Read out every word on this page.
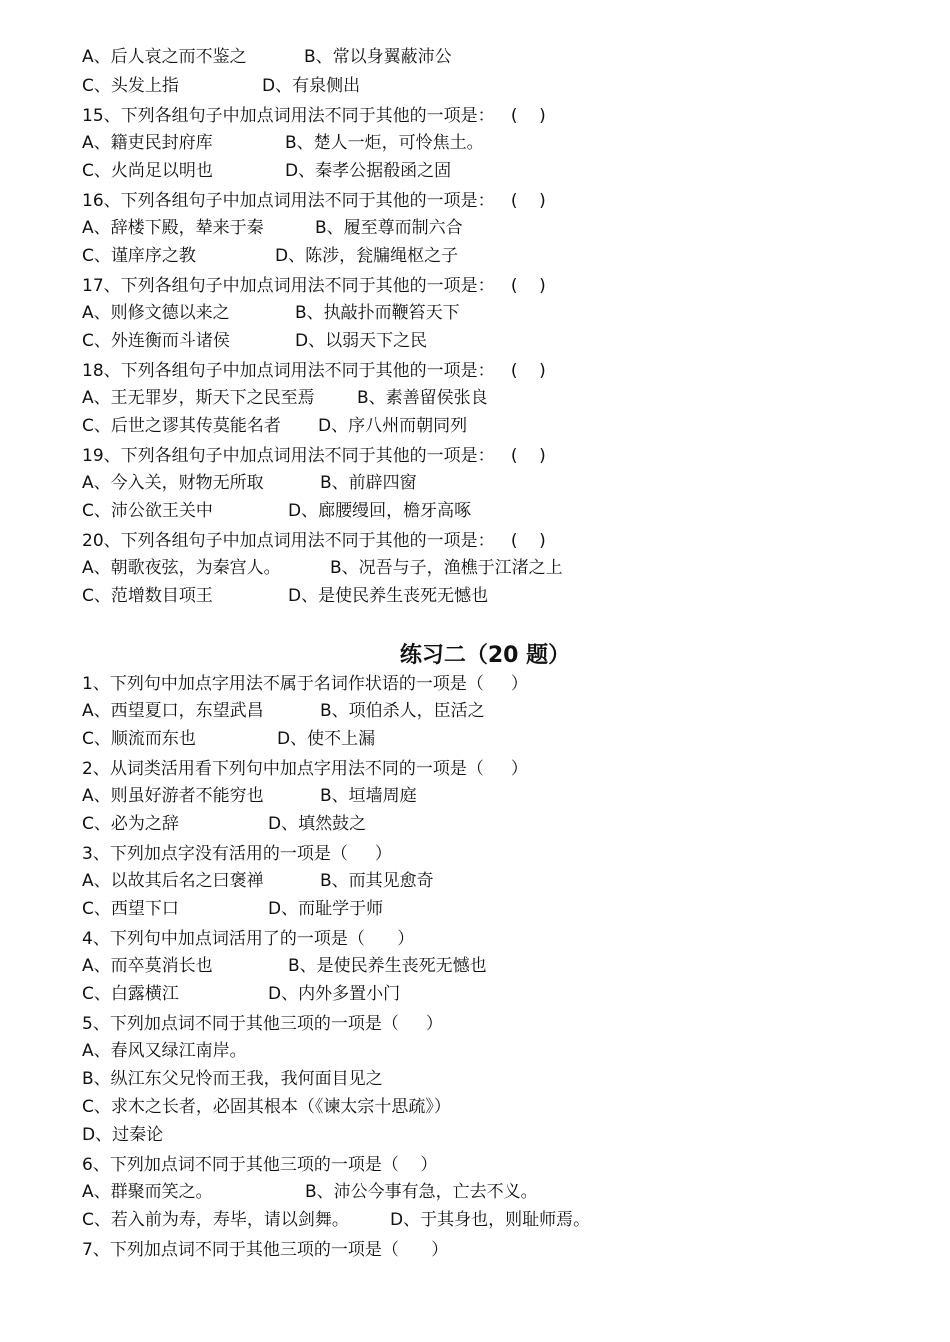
练习二（20 题）
A、后人哀之而不鉴之	B、常以身翼蔽沛公
C、头发上指	D、有泉侧出
15、下列各组句子中加点词用法不同于其他的一项是：   (    )
A、籍吏民封府库	B、楚人一炬，可怜焦土。
C、火尚足以明也	D、秦孝公据殽函之固
16、下列各组句子中加点词用法不同于其他的一项是：   (    )
A、辞楼下殿，辇来于秦	B、履至尊而制六合
C、谨庠序之教	D、陈涉，瓮牖绳枢之子
17、下列各组句子中加点词用法不同于其他的一项是：   (    )
A、则修文德以来之	B、执敲扑而鞭笞天下
C、外连衡而斗诸侯	D、以弱天下之民
18、下列各组句子中加点词用法不同于其他的一项是：   (    )
A、王无罪岁，斯天下之民至焉 B、素善留侯张良
C、后世之谬其传莫能名者 D、序八州而朝同列
19、下列各组句子中加点词用法不同于其他的一项是：   (    )
A、今入关，财物无所取	B、前辟四窗
C、沛公欲王关中	D、廊腰缦回，檐牙高啄
20、下列各组句子中加点词用法不同于其他的一项是：   (    )
A、朝歌夜弦，为秦宫人。	B、况吾与子，渔樵于江渚之上
C、范增数目项王	D、是使民养生丧死无憾也
1、下列句中加点字用法不属于名词作状语的一项是（     ）
A、西望夏口，东望武昌	B、项伯杀人，臣活之
C、顺流而东也	D、使不上漏
2、从词类活用看下列句中加点字用法不同的一项是（     ）
A、则虽好游者不能穷也	B、垣墙周庭
C、必为之辞	D、填然鼓之
3、下列加点字没有活用的一项是（     ）
A、以故其后名之曰褒禅	B、而其见愈奇
C、西望下口	D、而耻学于师
4、下列句中加点词活用了的一项是（      ）
A、而卒莫消长也	B、是使民养生丧死无憾也
C、白露横江	D、内外多置小门
5、下列加点词不同于其他三项的一项是（     ）
A、春风又绿江南岸。
B、纵江东父兄怜而王我，我何面目见之
C、求木之长者，必固其根本（《谏太宗十思疏》）
D、过秦论
6、下列加点词不同于其他三项的一项是（    ）
A、群聚而笑之。	B、沛公今事有急，亡去不义。
C、若入前为寿，寿毕，请以剑舞。 D、于其身也，则耻师焉。
7、下列加点词不同于其他三项的一项是（      ）
